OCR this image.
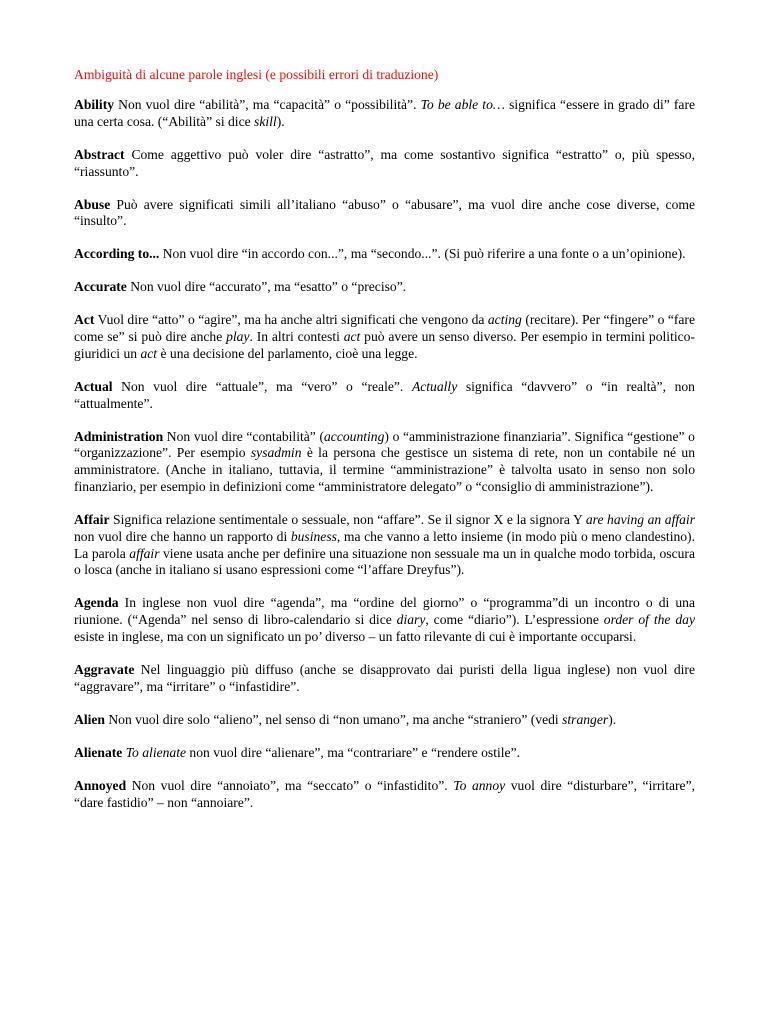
Ambiguità di alcune parole inglesi (e possibili errori di traduzione)

Ability Non vuol dire “abilità”, ma “capacità” o “possibilità”. To be able to… significa “essere in grado di” fare una certa cosa. (“Abilità” si dice skill).

Abstract Come aggettivo può voler dire “astratto”, ma come sostantivo significa “estratto” o, più spesso, “riassunto”.

Abuse Può avere significati simili all’italiano “abuso” o “abusare”, ma vuol dire anche cose diverse, come “insulto”.

According to... Non vuol dire “in accordo con...”, ma “secondo...”. (Si può riferire a una fonte o a un’opinione).

Accurate Non vuol dire “accurato”, ma “esatto” o “preciso”.

Act Vuol dire “atto” o “agire”, ma ha anche altri significati che vengono da acting (recitare). Per “fingere” o “fare come se” si può dire anche play. In altri contesti act può avere un senso diverso. Per esempio in termini politico-giuridici un act è una decisione del parlamento, cioè una legge.

Actual Non vuol dire “attuale”, ma “vero” o “reale”. Actually significa “davvero” o “in realtà”, non “attualmente”.

Administration Non vuol dire “contabilità” (accounting) o “amministrazione finanziaria”. Significa “gestione” o “organizzazione”. Per esempio sysadmin è la persona che gestisce un sistema di rete, non un contabile né un amministratore. (Anche in italiano, tuttavia, il termine “amministrazione” è talvolta usato in senso non solo finanziario, per esempio in definizioni come “amministratore delegato” o “consiglio di amministrazione”).

Affair Significa relazione sentimentale o sessuale, non “affare”. Se il signor X e la signora Y are having an affair non vuol dire che hanno un rapporto di business, ma che vanno a letto insieme (in modo più o meno clandestino). La parola affair viene usata anche per definire una situazione non sessuale ma un in qualche modo torbida, oscura o losca (anche in italiano si usano espressioni come “l’affare Dreyfus”).

Agenda In inglese non vuol dire “agenda”, ma “ordine del giorno” o “programma”di un incontro o di una riunione. (“Agenda” nel senso di libro-calendario si dice diary, come “diario”). L’espressione order of the day esiste in inglese, ma con un significato un po’ diverso – un fatto rilevante di cui è importante occuparsi.

Aggravate Nel linguaggio più diffuso (anche se disapprovato dai puristi della ligua inglese) non vuol dire “aggravare”, ma “irritare” o “infastidire”.

Alien Non vuol dire solo “alieno”, nel senso di “non umano”, ma anche “straniero” (vedi stranger).

Alienate To alienate non vuol dire “alienare”, ma “contrariare” e “rendere ostile”.

Annoyed Non vuol dire “annoiato”, ma “seccato” o “infastidito”. To annoy vuol dire “disturbare”, “irritare”, “dare fastidio” – non “annoiare”.
